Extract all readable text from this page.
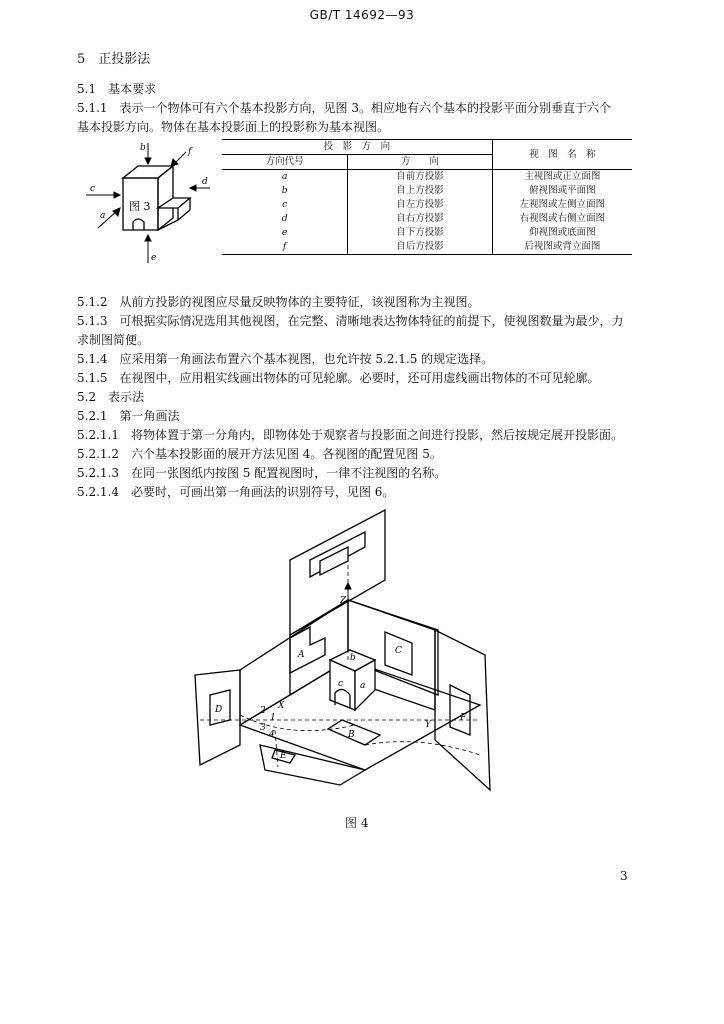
GB/T 14692—93
5　正投影法
5.1　基本要求
5.1.1　表示一个物体可有六个基本投影方向，见图 3。相应地有六个基本的投影平面分别垂直于六个
基本投影方向。物体在基本投影面上的投影称为基本视图。
b	f
c
d
a
e
图 3
投　影　方　向		视　图　名　称
方向代号	方　　向	
a	自前方投影	主视图或正立面图
b	自上方投影	俯视图或平面图
c	自左方投影	左视图或左侧立面图
d	自右方投影	右视图或右侧立面图
e	自下方投影	仰视图或底面图
f	自后方投影	后视图或背立面图
5.1.2　从前方投影的视图应尽量反映物体的主要特征，该视图称为主视图。
5.1.3　可根据实际情况选用其他视图，在完整、清晰地表达物体特征的前提下，使视图数量为最少，力
求制图简便。
5.1.4　应采用第一角画法布置六个基本视图，也允许按 5.2.1.5 的规定选择。
5.1.5　在视图中，应用粗实线画出物体的可见轮廓。必要时，还可用虚线画出物体的不可见轮廓。
5.2　表示法
5.2.1　第一角画法
5.2.1.1　将物体置于第一分角内，即物体处于观察者与投影面之间进行投影，然后按规定展开投影面。
5.2.1.2　六个基本投影面的展开方法见图 4。各视图的配置见图 5。
5.2.1.3　在同一张图纸内按图 5 配置视图时，一律不注视图的名称。
5.2.1.4　必要时，可画出第一角画法的识别符号，见图 6。
A	C
B
D
F
E
c a
b
X
Y
Z
2
3
4
1
图 4
3
